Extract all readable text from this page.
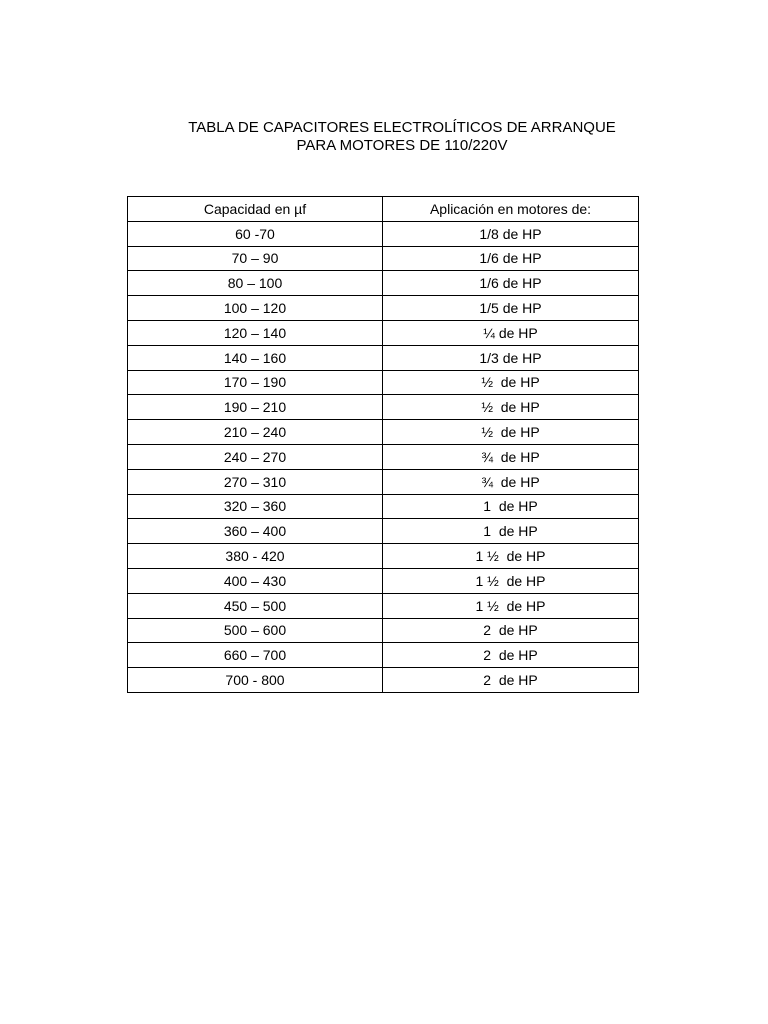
TABLA DE CAPACITORES ELECTROLÍTICOS DE ARRANQUE
PARA MOTORES DE 110/220V
Capacidad en µf	Aplicación en motores de:
60 -70	1/8 de HP
70 – 90	1/6 de HP
80 – 100	1/6 de HP
100 – 120	1/5 de HP
120 – 140	¼ de HP
140 – 160	1/3 de HP
170 – 190	½  de HP
190 – 210	½  de HP
210 – 240	½  de HP
240 – 270	¾  de HP
270 – 310	¾  de HP
320 – 360	1  de HP
360 – 400	1  de HP
380 - 420	1 ½  de HP
400 – 430	1 ½  de HP
450 – 500	1 ½  de HP
500 – 600	2  de HP
660 – 700	2  de HP
700 - 800	2  de HP
